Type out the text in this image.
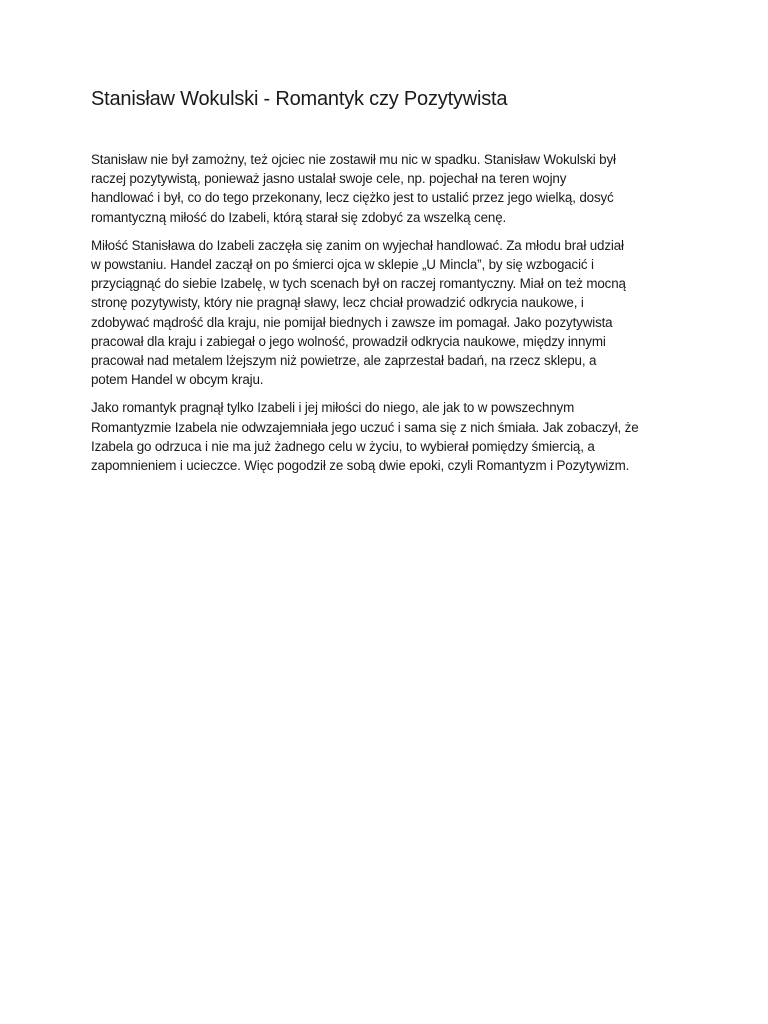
Stanisław Wokulski - Romantyk czy Pozytywista

Stanisław nie był zamożny, też ojciec nie zostawił mu nic w spadku. Stanisław Wokulski był
raczej pozytywistą, ponieważ jasno ustalał swoje cele, np. pojechał na teren wojny
handlować i był, co do tego przekonany, lecz ciężko jest to ustalić przez jego wielką, dosyć
romantyczną miłość do Izabeli, którą starał się zdobyć za wszelką cenę.

Miłość Stanisława do Izabeli zaczęła się zanim on wyjechał handlować. Za młodu brał udział
w powstaniu. Handel zaczął on po śmierci ojca w sklepie „U Mincla”, by się wzbogacić i
przyciągnąć do siebie Izabelę, w tych scenach był on raczej romantyczny. Miał on też mocną
stronę pozytywisty, który nie pragnął sławy, lecz chciał prowadzić odkrycia naukowe, i
zdobywać mądrość dla kraju, nie pomijał biednych i zawsze im pomagał. Jako pozytywista
pracował dla kraju i zabiegał o jego wolność, prowadził odkrycia naukowe, między innymi
pracował nad metalem lżejszym niż powietrze, ale zaprzestał badań, na rzecz sklepu, a
potem Handel w obcym kraju.

Jako romantyk pragnął tylko Izabeli i jej miłości do niego, ale jak to w powszechnym
Romantyzmie Izabela nie odwzajemniała jego uczuć i sama się z nich śmiała. Jak zobaczył, że
Izabela go odrzuca i nie ma już żadnego celu w życiu, to wybierał pomiędzy śmiercią, a
zapomnieniem i ucieczce. Więc pogodził ze sobą dwie epoki, czyli Romantyzm i Pozytywizm.
